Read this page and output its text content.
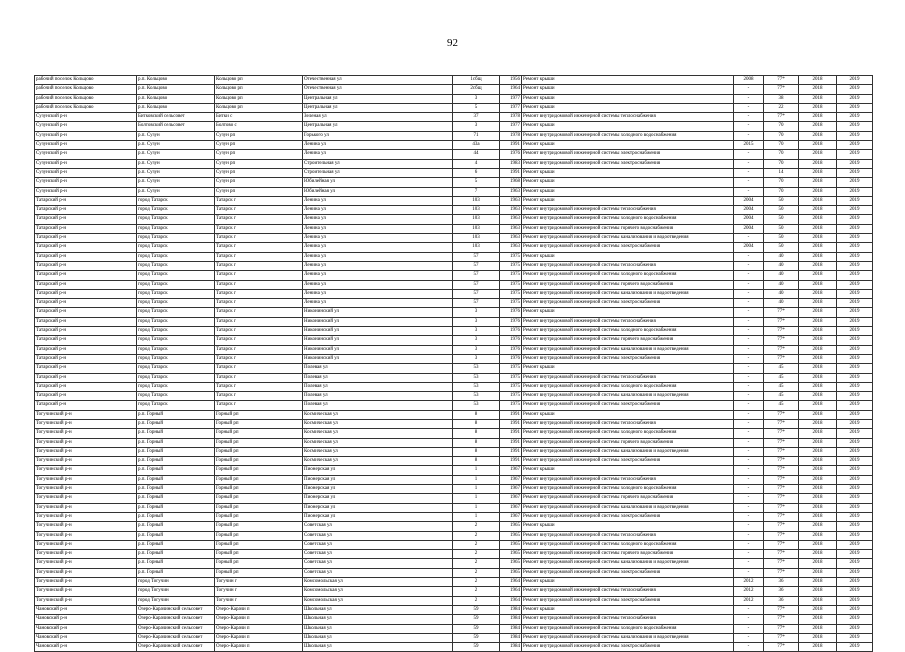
92
рабочий поселок Кольцово	р.п. Кольцово	Кольцово рп	Отечественная ул	1сбщ	1956	Ремонт крыши	2008	77*	2018	2019
рабочий поселок Кольцово	р.п. Кольцово	Кольцово рп	Отечественная ул	2сбщ	1964	Ремонт крыши	-	77*	2018	2019
рабочий поселок Кольцово	р.п. Кольцово	Кольцово рп	Центральная ул	3	1977	Ремонт крыши	-	38	2018	2019
рабочий поселок Кольцово	р.п. Кольцово	Кольцово рп	Центральная ул	5	1977	Ремонт крыши	-	22	2018	2019
Сузунский р-н	Битковский сельсовет	Битки с	Зеленая ул	37	1978	Ремонт внутридомовой инженерной системы теплоснабжения	-	77*	2018	2019
Сузунский р-н	Болтовский сельсовет	Болтово с	Центральная ул	3	1977	Ремонт крыши	-	70	2018	2019
Сузунский р-н	р.п. Сузун	Сузун рп	Горького ул	71	1978	Ремонт внутридомовой инженерной системы холодного водоснабжения	-	70	2018	2019
Сузунский р-н	р.п. Сузун	Сузун рп	Ленина ул	43а	1991	Ремонт крыши	2015	70	2018	2019
Сузунский р-н	р.п. Сузун	Сузун рп	Ленина ул	44	1976	Ремонт внутридомовой инженерной системы электроснабжения	-	70	2018	2019
Сузунский р-н	р.п. Сузун	Сузун рп	Строительная ул	4	1983	Ремонт внутридомовой инженерной системы электроснабжения	-	70	2018	2019
Сузунский р-н	р.п. Сузун	Сузун рп	Строительная ул	6	1991	Ремонт крыши	-	14	2018	2019
Сузунский р-н	р.п. Сузун	Сузун рп	Юбилейная ул	5	1968	Ремонт крыши	-	70	2018	2019
Сузунский р-н	р.п. Сузун	Сузун рп	Юбилейная ул	7	1963	Ремонт крыши	-	70	2018	2019
Татарский р-н	город Татарск	Татарск г	Ленина ул	103	1963	Ремонт крыши	2004	50	2018	2019
Татарский р-н	город Татарск	Татарск г	Ленина ул	103	1963	Ремонт внутридомовой инженерной системы теплоснабжения	2004	50	2018	2019
Татарский р-н	город Татарск	Татарск г	Ленина ул	103	1963	Ремонт внутридомовой инженерной системы холодного водоснабжения	2004	50	2018	2019
Татарский р-н	город Татарск	Татарск г	Ленина ул	103	1963	Ремонт внутридомовой инженерной системы горячего водоснабжения	2004	50	2018	2019
Татарский р-н	город Татарск	Татарск г	Ленина ул	103	1963	Ремонт внутридомовой инженерной системы канализования и водоотведения	-	50	2018	2019
Татарский р-н	город Татарск	Татарск г	Ленина ул	103	1963	Ремонт внутридомовой инженерной системы электроснабжения	2004	50	2018	2019
Татарский р-н	город Татарск	Татарск г	Ленина ул	57	1975	Ремонт крыши	-	40	2018	2019
Татарский р-н	город Татарск	Татарск г	Ленина ул	57	1975	Ремонт внутридомовой инженерной системы теплоснабжения	-	40	2018	2019
Татарский р-н	город Татарск	Татарск г	Ленина ул	57	1975	Ремонт внутридомовой инженерной системы холодного водоснабжения	-	40	2018	2019
Татарский р-н	город Татарск	Татарск г	Ленина ул	57	1975	Ремонт внутридомовой инженерной системы горячего водоснабжения	-	40	2018	2019
Татарский р-н	город Татарск	Татарск г	Ленина ул	57	1975	Ремонт внутридомовой инженерной системы канализования и водоотведения	-	40	2018	2019
Татарский р-н	город Татарск	Татарск г	Ленина ул	57	1975	Ремонт внутридомовой инженерной системы электроснабжения	-	40	2018	2019
Татарский р-н	город Татарск	Татарск г	Никонинский ул	3	1976	Ремонт крыши	-	77*	2018	2019
Татарский р-н	город Татарск	Татарск г	Никонинский ул	3	1976	Ремонт внутридомовой инженерной системы теплоснабжения	-	77*	2018	2019
Татарский р-н	город Татарск	Татарск г	Никонинский ул	3	1976	Ремонт внутридомовой инженерной системы холодного водоснабжения	-	77*	2018	2019
Татарский р-н	город Татарск	Татарск г	Никонинский ул	3	1976	Ремонт внутридомовой инженерной системы горячего водоснабжения	-	77*	2018	2019
Татарский р-н	город Татарск	Татарск г	Никонинский ул	3	1976	Ремонт внутридомовой инженерной системы канализования и водоотведения	-	77*	2018	2019
Татарский р-н	город Татарск	Татарск г	Никонинский ул	3	1976	Ремонт внутридомовой инженерной системы электроснабжения	-	77*	2018	2019
Татарский р-н	город Татарск	Татарск г	Полевая ул	53	1975	Ремонт крыши	-	45	2018	2019
Татарский р-н	город Татарск	Татарск г	Полевая ул	53	1975	Ремонт внутридомовой инженерной системы теплоснабжения	-	45	2018	2019
Татарский р-н	город Татарск	Татарск г	Полевая ул	53	1975	Ремонт внутридомовой инженерной системы холодного водоснабжения	-	45	2018	2019
Татарский р-н	город Татарск	Татарск г	Полевая ул	53	1975	Ремонт внутридомовой инженерной системы канализования и водоотведения	-	45	2018	2019
Татарский р-н	город Татарск	Татарск г	Полевая ул	53	1975	Ремонт внутридомовой инженерной системы электроснабжения	-	45	2018	2019
Тогучинский р-н	р.п. Горный	Горный рп	Космическая ул	8	1991	Ремонт крыши	-	77*	2018	2019
Тогучинский р-н	р.п. Горный	Горный рп	Космическая ул	8	1991	Ремонт внутридомовой инженерной системы теплоснабжения	-	77*	2018	2019
Тогучинский р-н	р.п. Горный	Горный рп	Космическая ул	8	1991	Ремонт внутридомовой инженерной системы холодного водоснабжения	-	77*	2018	2019
Тогучинский р-н	р.п. Горный	Горный рп	Космическая ул	8	1991	Ремонт внутридомовой инженерной системы горячего водоснабжения	-	77*	2018	2019
Тогучинский р-н	р.п. Горный	Горный рп	Космическая ул	8	1991	Ремонт внутридомовой инженерной системы канализования и водоотведения	-	77*	2018	2019
Тогучинский р-н	р.п. Горный	Горный рп	Космическая ул	8	1991	Ремонт внутридомовой инженерной системы электроснабжения	-	77*	2018	2019
Тогучинский р-н	р.п. Горный	Горный рп	Пионерская ул	1	1967	Ремонт крыши	-	77*	2018	2019
Тогучинский р-н	р.п. Горный	Горный рп	Пионерская ул	1	1967	Ремонт внутридомовой инженерной системы теплоснабжения	-	77*	2018	2019
Тогучинский р-н	р.п. Горный	Горный рп	Пионерская ул	1	1967	Ремонт внутридомовой инженерной системы холодного водоснабжения	-	77*	2018	2019
Тогучинский р-н	р.п. Горный	Горный рп	Пионерская ул	1	1967	Ремонт внутридомовой инженерной системы горячего водоснабжения	-	77*	2018	2019
Тогучинский р-н	р.п. Горный	Горный рп	Пионерская ул	1	1967	Ремонт внутридомовой инженерной системы канализования и водоотведения	-	77*	2018	2019
Тогучинский р-н	р.п. Горный	Горный рп	Пионерская ул	1	1967	Ремонт внутридомовой инженерной системы электроснабжения	-	77*	2018	2019
Тогучинский р-н	р.п. Горный	Горный рп	Советская ул	2	1965	Ремонт крыши	-	77*	2018	2019
Тогучинский р-н	р.п. Горный	Горный рп	Советская ул	2	1965	Ремонт внутридомовой инженерной системы теплоснабжения	-	77*	2018	2019
Тогучинский р-н	р.п. Горный	Горный рп	Советская ул	2	1965	Ремонт внутридомовой инженерной системы холодного водоснабжения	-	77*	2018	2019
Тогучинский р-н	р.п. Горный	Горный рп	Советская ул	2	1965	Ремонт внутридомовой инженерной системы горячего водоснабжения	-	77*	2018	2019
Тогучинский р-н	р.п. Горный	Горный рп	Советская ул	2	1965	Ремонт внутридомовой инженерной системы канализования и водоотведения	-	77*	2018	2019
Тогучинский р-н	р.п. Горный	Горный рп	Советская ул	2	1965	Ремонт внутридомовой инженерной системы электроснабжения	-	77*	2018	2019
Тогучинский р-н	город Тогучин	Тогучин г	Комсомольская ул	2	1964	Ремонт крыши	2012	36	2018	2019
Тогучинский р-н	город Тогучин	Тогучин г	Комсомольская ул	2	1964	Ремонт внутридомовой инженерной системы теплоснабжения	2012	36	2018	2019
Тогучинский р-н	город Тогучин	Тогучин г	Комсомольская ул	2	1964	Ремонт внутридомовой инженерной системы электроснабжения	2012	36	2018	2019
Чановский р-н	Озеро-Карачинский сельсовет	Озеро-Карачи п	Школьная ул	59	1984	Ремонт крыши	-	77*	2018	2019
Чановский р-н	Озеро-Карачинский сельсовет	Озеро-Карачи п	Школьная ул	59	1984	Ремонт внутридомовой инженерной системы теплоснабжения	-	77*	2018	2019
Чановский р-н	Озеро-Карачинский сельсовет	Озеро-Карачи п	Школьная ул	59	1984	Ремонт внутридомовой инженерной системы холодного водоснабжения	-	77*	2018	2019
Чановский р-н	Озеро-Карачинский сельсовет	Озеро-Карачи п	Школьная ул	59	1984	Ремонт внутридомовой инженерной системы канализования и водоотведения	-	77*	2018	2019
Чановский р-н	Озеро-Карачинский сельсовет	Озеро-Карачи п	Школьная ул	59	1984	Ремонт внутридомовой инженерной системы электроснабжения	-	77*	2018	2019
